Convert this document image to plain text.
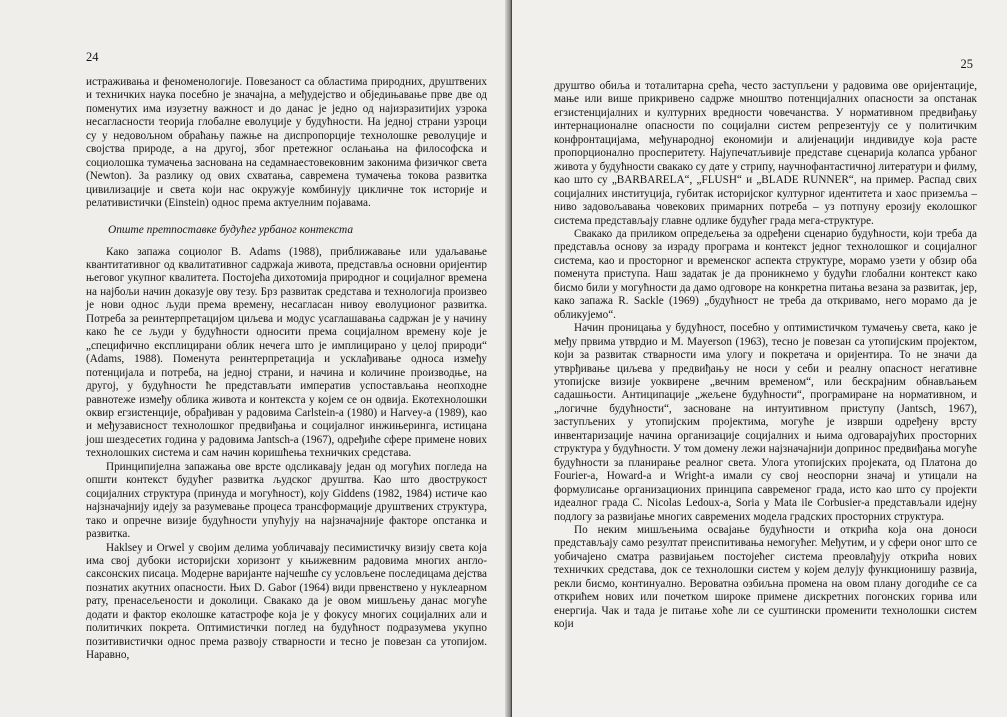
24

истраживања и феноменологије. Повезаност са областима природних, друштвених и техничких наука посебно је значајна, а међудејство и обједињавање прве две од поменутих има изузетну важност и до данас је једно од најизразитијих узрока несагласности теорија глобалне еволуције у будућности. На једној страни узроци су у недовољном обраћању пажње на диспропорције технолошке револуције и својства природе, а на другој, због претежног ослањања на философска и социолошка тумачења заснована на седамнаестовековним законима физичког света (Newton). За разлику од ових схватања, савремена тумачења токова развитка цивилизације и света који нас окружује комбинују цикличне ток историје и релативистички (Einstein) однос према актуелним појавама.

Опште претпоставке будућег урбаног контекста

Како запажа социолог B. Adams (1988), приближавање или удаљавање квантитативног од квалитативног садржаја живота, представља основни оријентир његовог укупног квалитета. Постојећа дихотомија природног и социјалног времена на најбољи начин доказује ову тезу. Брз развитак средстава и технологија произвео је нови однос људи према времену, несагласан нивоу еволуционог развитка. Потреба за реинтерпретацијом циљева и модус усаглашавања садржан је у начину како ће се људи у будућности односити према социјалном времену које је „специфично експлицирани облик нечега што је имплицирано у целој природи“ (Adams, 1988). Поменута реинтерпретација и усклађивање односа између потенцијала и потреба, на једној страни, и начина и количине производње, на другој, у будућности ће представљати императив успостављања неопходне равнотеже између облика живота и контекста у којем се он одвија. Екотехнолошки оквир егзистенције, обрађиван у радовима Carlstein-a (1980) и Harvey-a (1989), као и међузависност технолошког предвиђања и социјалног инжињеринга, истицана још шездесетих година у радовима Jantsch-a (1967), одређиће сфере примене нових технолошких система и сам начин коришћења техничких средстава.

Принципијелна запажања ове врсте одсликавају један од могућих погледа на општи контекст будућег развитка људског друштва. Као што двострукост социјалних структура (принуда и могућност), коју Giddens (1982, 1984) истиче као најзначајнију идеју за разумевање процеса трансформације друштвених структура, тако и опречне визије будућности упућују на најзначајније факторе опстанка и развитка.

Haklsey и Orwel у својим делима уобличавају песимистичку визију света која има свој дубоки историјски хоризонт у књижевним радовима многих англо-саксонских писаца. Модерне варијанте најчешће су условљене последицама дејства познатих акутних опасности. Њих D. Gabor (1964) види првенствено у нуклеарном рату, пренасељености и доколици. Свакако да је овом мишљењу данас могуће додати и фактор еколошке катастрофе која је у фокусу многих социјалних али и политичких покрета. Оптимистички поглед на будућност подразумева укупно позитивистички однос према развоју стварности и тесно је повезан са утопијом. Наравно,

25

друштво обиља и тоталитарна срећа, често заступљени у радовима ове оријентације, мање или више прикривено садрже мноштво потенцијалних опасности за опстанак егзистенцијалних и културних вредности човечанства. У нормативном предвиђању интернационалне опасности по социјални систем репрезентују се у политичким конфронтацијама, међународној економији и алијенацији индивидуе која расте пропорционално просперитету. Најупечатљивије представе сценарија колапса урбаног живота у будућности свакако су дате у стрипу, научнофантастичној литератури и филму, као што су „BARBARELA“, „FLUSH“ и „BLADE RUNNER“, на пример. Распад свих социјалних институција, губитак историјског културног идентитета и хаос приземља – ниво задовољавања човекових примарних потреба – уз потпуну ерозију еколошког система представљају главне одлике будућег града мега-структуре.

Свакако да приликом опредељења за одређени сценарио будућности, који треба да представља основу за израду програма и контекст једног технолошког и социјалног система, као и просторног и временског аспекта структуре, морамо узети у обзир оба поменута приступа. Наш задатак је да проникнемо у будући глобални контекст како бисмо били у могућности да дамо одговоре на конкретна питања везана за развитак, јер, како запажа R. Sackle (1969) „будућност не треба да откривамо, него морамо да је обликујемо“.

Начин проницања у будућност, посебно у оптимистичком тумачењу света, како је међу првима утврдио и M. Mayerson (1963), тесно је повезан са утопијским пројектом, који за развитак стварности има улогу и покретача и оријентира. То не значи да утврђивање циљева у предвиђању не носи у себи и реалну опасност негативне утопијске визије уоквирене „вечним временом“, или бескрајним обнављањем садашњости. Антиципације „жељене будућности“, програмиране на нормативном, и „логичне будућности“, засноване на интуитивном приступу (Jantsch, 1967), заступљених у утопијским пројектима, могуће је изврши одређену врсту инвентаризације начина организације социјалних и њима одговарајућих просторних структура у будућности. У том домену лежи најзначајнији допринос предвиђања могуће будућности за планирање реалног света. Улога утопијских пројеката, од Платона до Fourier-a, Howard-a и Wright-a имали су свој неоспорни значај и утицали на формулисање организационих принципа савременог града, исто као што су пројекти идеалног града C. Nicolas Ledoux-a, Soria y Mata ile Corbusier-a представљали идејну подлогу за развијање многих савремених модела градских просторних структура.

По неким мишљењима освајање будућности и открића која она доноси представљају само резултат преиспитивања немогућег. Међутим, и у сфери оног што се уобичајено сматра развијањем постојећег система преовлађују открића нових техничких средстава, док се технолошки систем у којем делују функционишу развија, рекли бисмо, континуално. Вероватна озбиљна промена на овом плану догодиће се са открићем нових или почетком широке примене дискретних погонских горива или енергија. Чак и тада је питање хоће ли се суштински променити технолошки систем који
